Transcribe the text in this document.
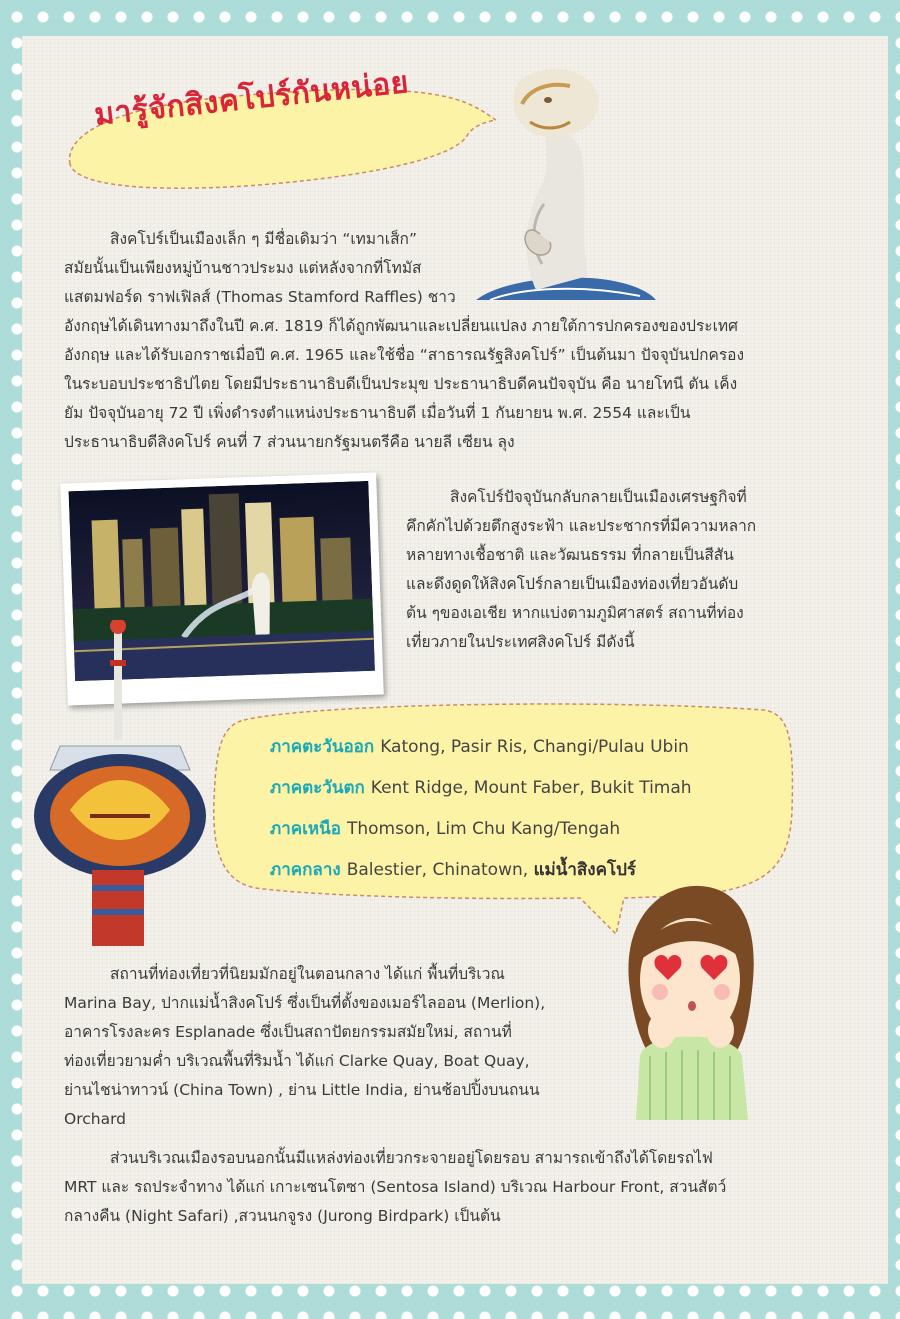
มารู้จักสิงคโปร์กันหน่อย
สิงคโปร์เป็นเมืองเล็ก ๆ มีชื่อเดิมว่า “เทมาเส็ก”
สมัยนั้นเป็นเพียงหมู่บ้านชาวประมง แต่หลังจากที่โทมัส
แสตมฟอร์ด ราฟเฟิลส์ (Thomas Stamford Raffles) ชาว
อังกฤษได้เดินทางมาถึงในปี ค.ศ. 1819 ก็ได้ถูกพัฒนาและเปลี่ยนแปลง ภายใต้การปกครองของประเทศ
อังกฤษ และได้รับเอกราชเมื่อปี ค.ศ. 1965 และใช้ชื่อ “สาธารณรัฐสิงคโปร์” เป็นต้นมา ปัจจุบันปกครอง
ในระบอบประชาธิปไตย โดยมีประธานาธิบดีเป็นประมุข ประธานาธิบดีคนปัจจุบัน คือ นายโทนี ตัน เค็ง
ยัม ปัจจุบันอายุ 72 ปี เพิ่งดำรงตำแหน่งประธานาธิบดี เมื่อวันที่ 1 กันยายน พ.ศ. 2554 และเป็น
ประธานาธิบดีสิงคโปร์ คนที่ 7 ส่วนนายกรัฐมนตรีคือ นายลี เซียน ลุง
สิงคโปร์ปัจจุบันกลับกลายเป็นเมืองเศรษฐกิจที่
คึกคักไปด้วยตึกสูงระฟ้า และประชากรที่มีความหลาก
หลายทางเชื้อชาติ และวัฒนธรรม ที่กลายเป็นสีสัน
และดึงดูดให้สิงคโปร์กลายเป็นเมืองท่องเที่ยวอันดับ
ต้น ๆของเอเชีย หากแบ่งตามภูมิศาสตร์ สถานที่ท่อง
เที่ยวภายในประเทศสิงคโปร์ มีดังนี้
ภาคตะวันออก Katong, Pasir Ris, Changi/Pulau Ubin
ภาคตะวันตก Kent Ridge, Mount Faber, Bukit Timah
ภาคเหนือ Thomson, Lim Chu Kang/Tengah
ภาคกลาง Balestier, Chinatown, แม่น้ำสิงคโปร์
สถานที่ท่องเที่ยวที่นิยมมักอยู่ในตอนกลาง ได้แก่ พื้นที่บริเวณ
Marina Bay, ปากแม่น้ำสิงคโปร์ ซึ่งเป็นที่ตั้งของเมอร์ไลออน (Merlion),
อาคารโรงละคร Esplanade ซึ่งเป็นสถาปัตยกรรมสมัยใหม่, สถานที่
ท่องเที่ยวยามค่ำ บริเวณพื้นที่ริมน้ำ ได้แก่ Clarke Quay, Boat Quay,
ย่านไชน่าทาวน์ (China Town) , ย่าน Little India, ย่านช้อปปิ้งบนถนน
Orchard
ส่วนบริเวณเมืองรอบนอกนั้นมีแหล่งท่องเที่ยวกระจายอยู่โดยรอบ สามารถเข้าถึงได้โดยรถไฟ
MRT และ รถประจำทาง ได้แก่ เกาะเซนโตซา (Sentosa Island) บริเวณ Harbour Front, สวนสัตว์
กลางคืน (Night Safari) ,สวนนกจูรง (Jurong Birdpark) เป็นต้น
